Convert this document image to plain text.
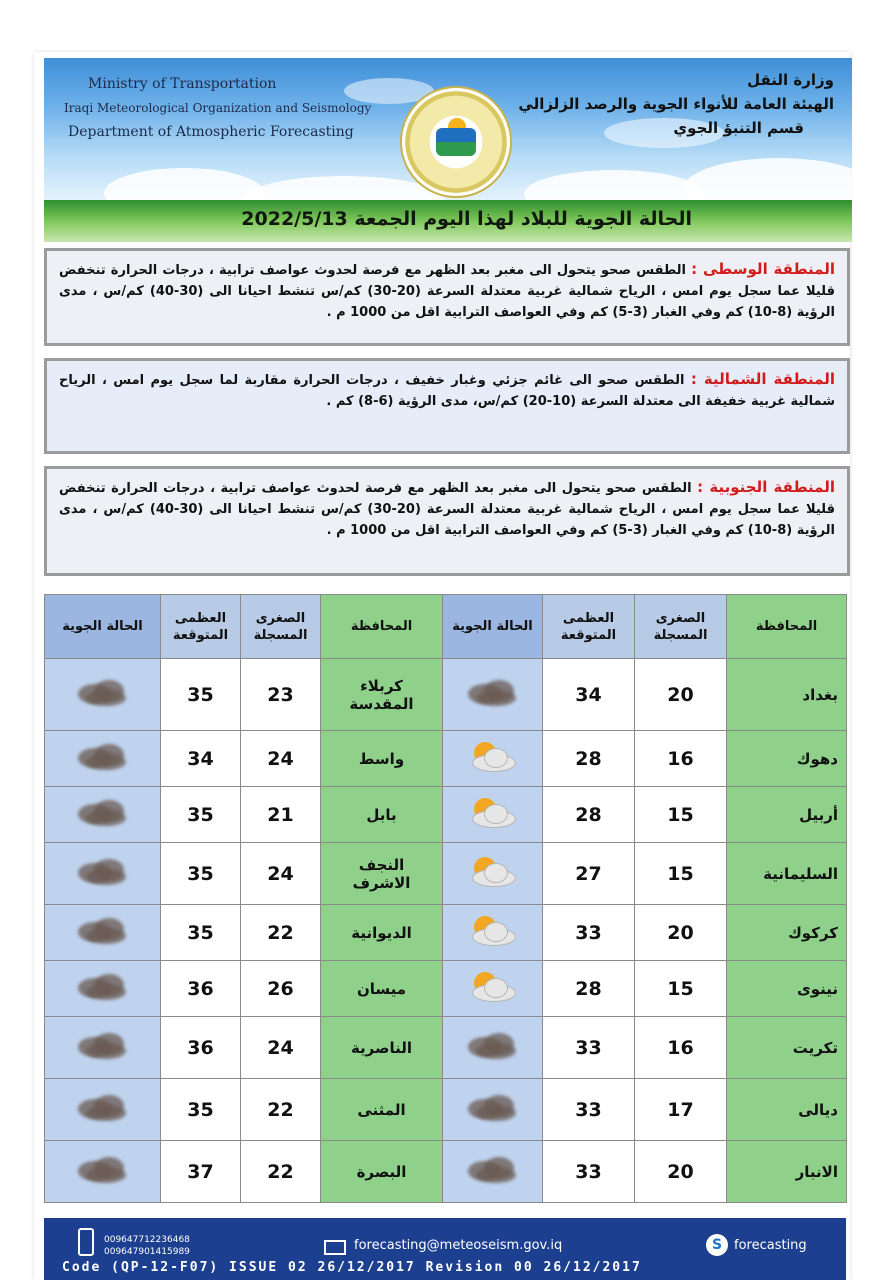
Ministry of Transportation
Iraqi Meteorological Organization and Seismology
Department of Atmospheric Forecasting
وزارة النقل
الهيئة العامة للأنواء الجوية والرصد الزلزالي
قسم التنبؤ الجوي
الحالة الجوية للبلاد لهذا اليوم الجمعة 2022/5/13
المنطقة الوسطى : الطقس صحو يتحول الى مغبر بعد الظهر مع فرصة لحدوث عواصف ترابية ، درجات الحرارة تنخفض قليلا عما سجل يوم امس ، الرياح شمالية غربية معتدلة السرعة (20-30) كم/س تنشط احيانا الى (30-40) كم/س ، مدى الرؤية (8-10) كم وفي الغبار (3-5) كم وفي العواصف الترابية اقل من 1000 م .
المنطقة الشمالية : الطقس صحو الى غائم جزئي وغبار خفيف ، درجات الحرارة مقاربة لما سجل يوم امس ، الرياح شمالية غربية خفيفة الى معتدلة السرعة (10-20) كم/س، مدى الرؤية (6-8) كم .
المنطقة الجنوبية : الطقس صحو يتحول الى مغبر بعد الظهر مع فرصة لحدوث عواصف ترابية ، درجات الحرارة تنخفض قليلا عما سجل يوم امس ، الرياح شمالية غربية معتدلة السرعة (20-30) كم/س تنشط احيانا الى (30-40) كم/س ، مدى الرؤية (8-10) كم وفي الغبار (3-5) كم وفي العواصف الترابية اقل من 1000 م .
المحافظة	الصغرى المسجلة	العظمى المتوقعة	الحالة الجوية	المحافظة	الصغرى المسجلة	العظمى المتوقعة	الحالة الجوية
بغداد	20	34		كربلاء المقدسة	23	35	

دهوك	16	28		واسط	24	34	

أربيل	15	28		بابل	21	35	

السليمانية	15	27		النجف الاشرف	24	35	

كركوك	20	33		الديوانية	22	35	

نينوى	15	28		ميسان	26	36	

تكريت	16	33		الناصرية	24	36	

ديالى	17	33		المثنى	22	35	

الانبار	20	33		البصرة	22	37	
009647712236468
009647901415989	forecasting@meteoseism.gov.iq	S forecasting
Code (QP-12-F07) ISSUE 02 26/12/2017 Revision 00 26/12/2017
